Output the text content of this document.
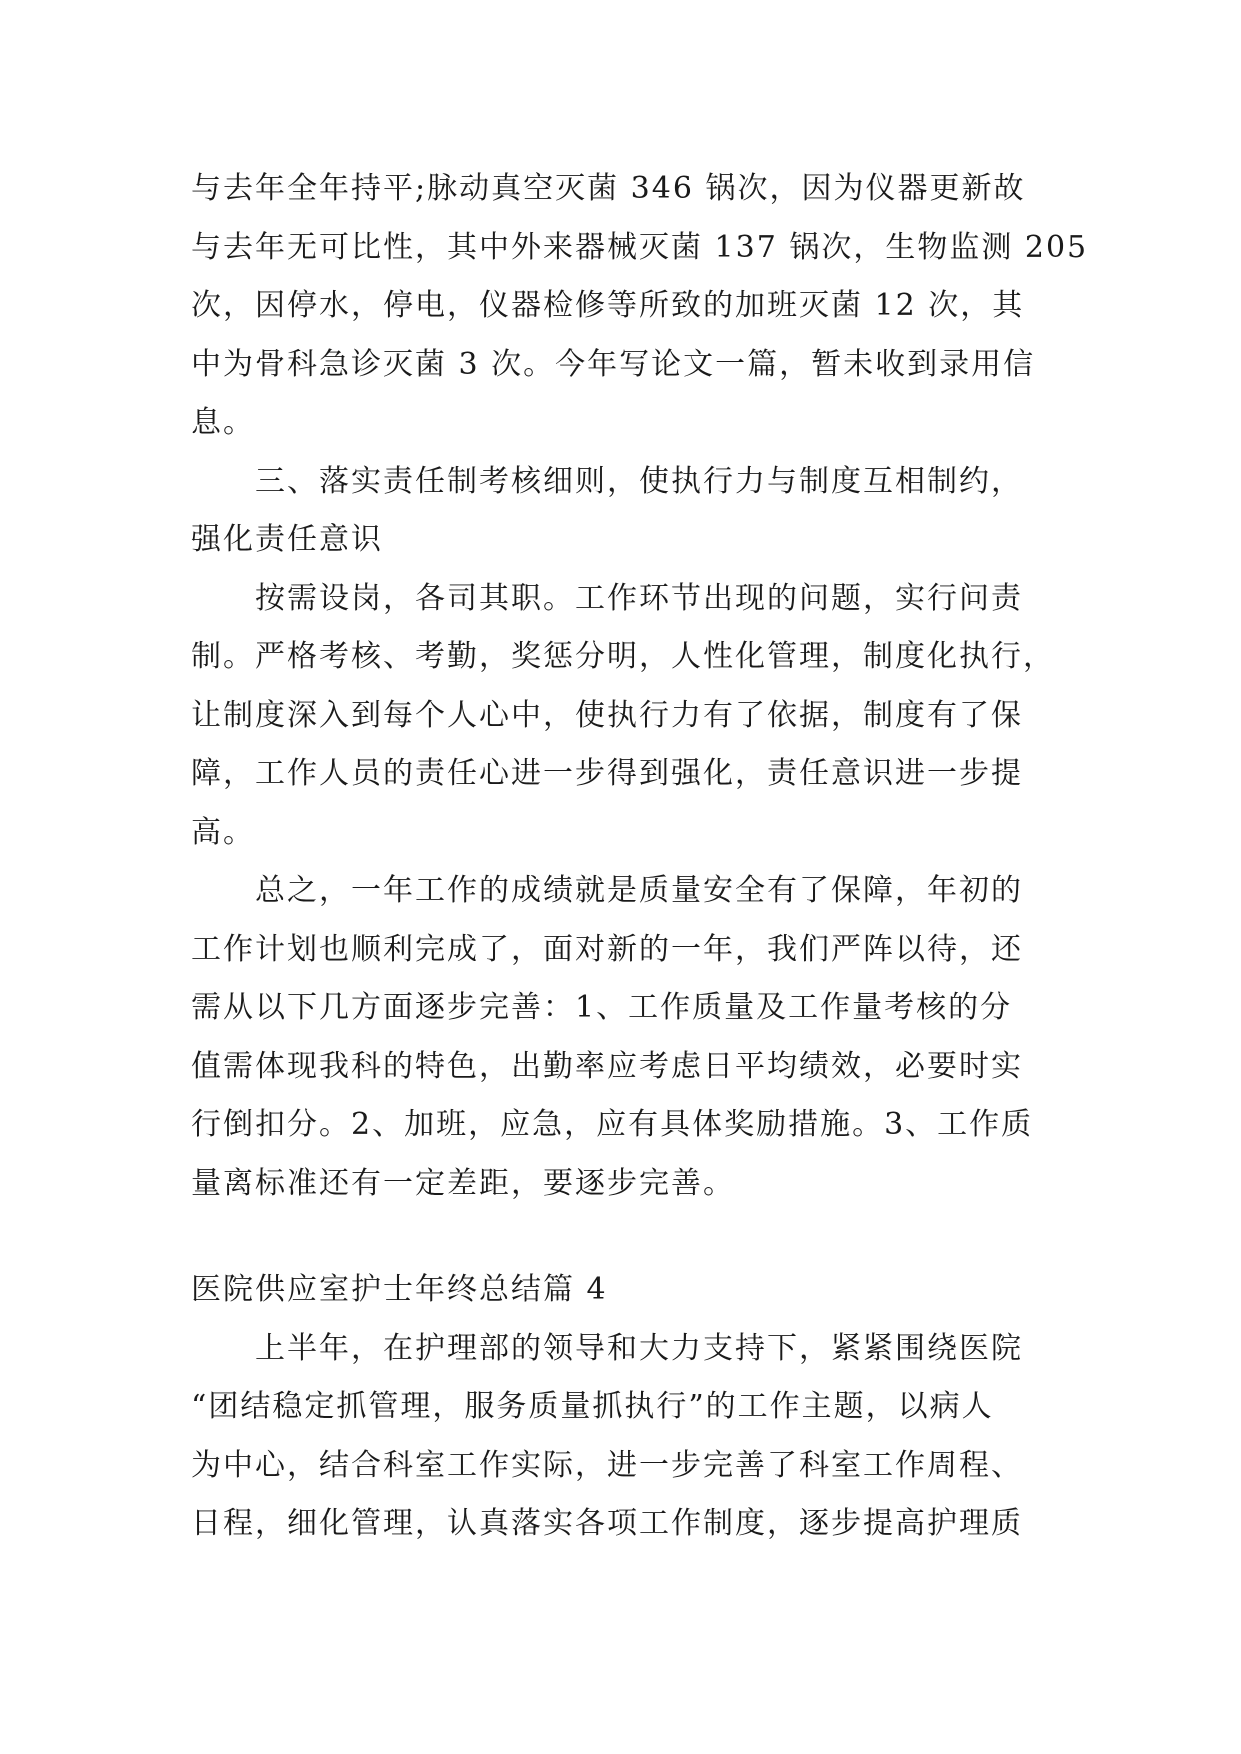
与去年全年持平;脉动真空灭菌 346 锅次，因为仪器更新故
与去年无可比性，其中外来器械灭菌 137 锅次，生物监测 205
次，因停水，停电，仪器检修等所致的加班灭菌 12 次，其
中为骨科急诊灭菌 3 次。今年写论文一篇，暂未收到录用信
息。
　　三、落实责任制考核细则，使执行力与制度互相制约，
强化责任意识
　　按需设岗，各司其职。工作环节出现的问题，实行问责
制。严格考核、考勤，奖惩分明，人性化管理，制度化执行，
让制度深入到每个人心中，使执行力有了依据，制度有了保
障，工作人员的责任心进一步得到强化，责任意识进一步提
高。
　　总之，一年工作的成绩就是质量安全有了保障，年初的
工作计划也顺利完成了，面对新的一年，我们严阵以待，还
需从以下几方面逐步完善：1、工作质量及工作量考核的分
值需体现我科的特色，出勤率应考虑日平均绩效，必要时实
行倒扣分。2、加班，应急，应有具体奖励措施。3、工作质
量离标准还有一定差距，要逐步完善。
医院供应室护士年终总结篇 4
　　上半年，在护理部的领导和大力支持下，紧紧围绕医院
“团结稳定抓管理，服务质量抓执行”的工作主题，以病人
为中心，结合科室工作实际，进一步完善了科室工作周程、
日程，细化管理，认真落实各项工作制度，逐步提高护理质
